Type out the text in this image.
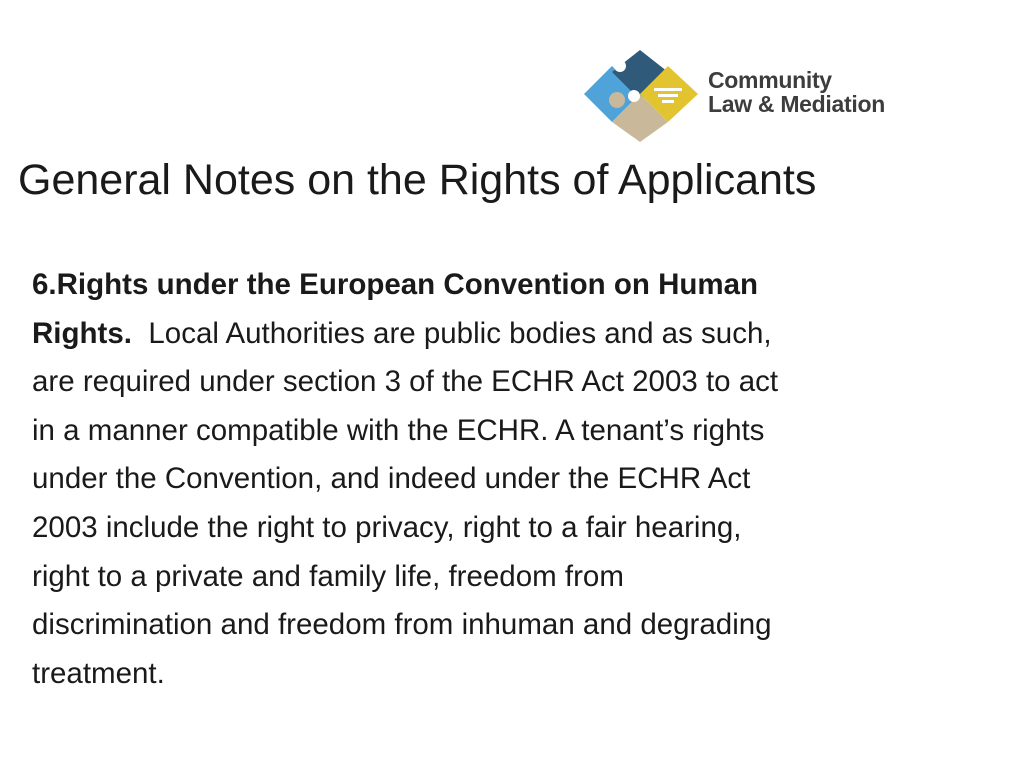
Community
Law & Mediation
General Notes on the Rights of Applicants
6.Rights under the European Convention on Human
Rights. Local Authorities are public bodies and as such,
are required under section 3 of the ECHR Act 2003 to act
in a manner compatible with the ECHR. A tenant’s rights
under the Convention, and indeed under the ECHR Act
2003 include the right to privacy, right to a fair hearing,
right to a private and family life, freedom from
discrimination and freedom from inhuman and degrading
treatment.
